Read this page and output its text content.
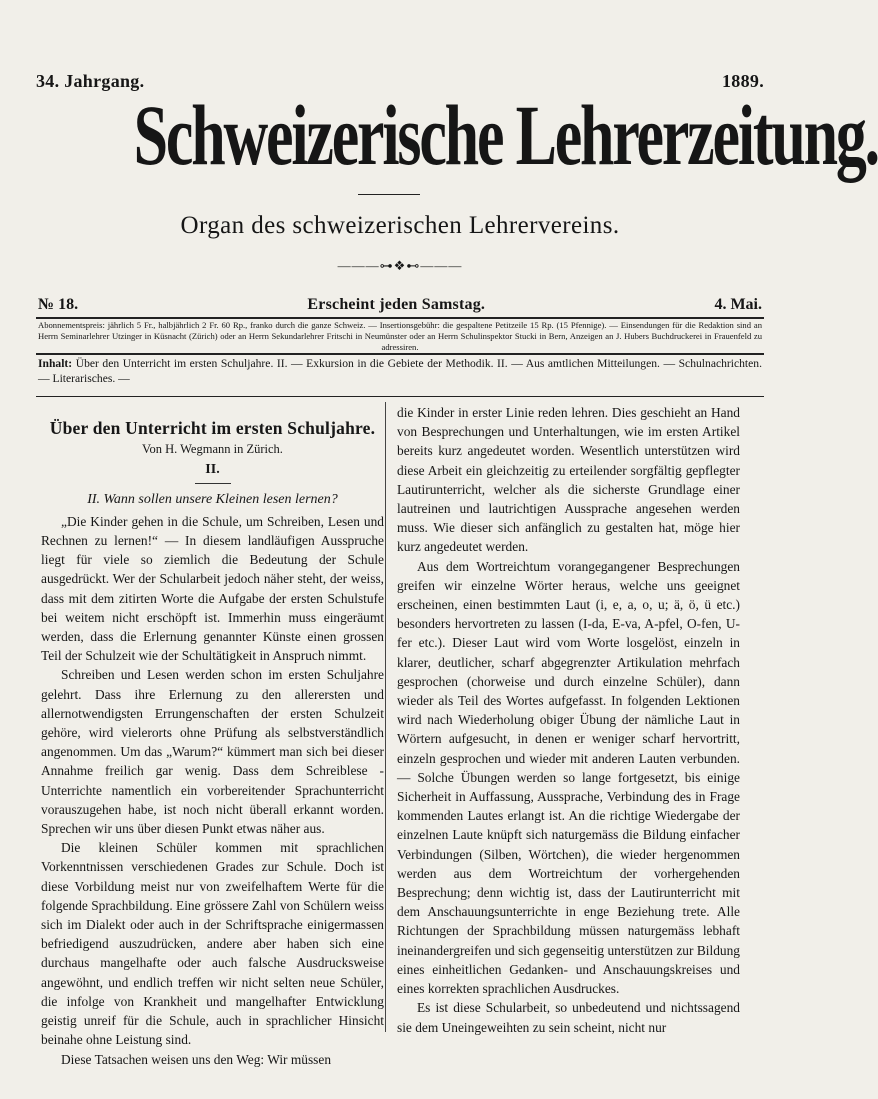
34. Jahrgang.	1889.
Schweizerische Lehrerzeitung.
Organ des schweizerischen Lehrervereins.
———⊶❖⊷———
№ 18.	Erscheint jeden Samstag.	4. Mai.
Abonnementspreis: jährlich 5 Fr., halbjährlich 2 Fr. 60 Rp., franko durch die ganze Schweiz. — Insertionsgebühr: die gespaltene Petitzeile 15 Rp. (15 Pfennige). — Einsendungen für die Redaktion sind an Herrn Seminarlehrer Utzinger in Küsnacht (Zürich) oder an Herrn Sekundarlehrer Fritschi in Neumünster oder an Herrn Schulinspektor Stucki in Bern, Anzeigen an J. Hubers Buchdruckerei in Frauenfeld zu adressiren.
Inhalt: Über den Unterricht im ersten Schuljahre. II. — Exkursion in die Gebiete der Methodik. II. — Aus amtlichen Mitteilungen. — Schulnachrichten. — Literarisches. —
Über den Unterricht im ersten Schuljahre.
Von H. Wegmann in Zürich.
II.
II. Wann sollen unsere Kleinen lesen lernen?

„Die Kinder gehen in die Schule, um Schreiben, Lesen und Rechnen zu lernen!“ — In diesem landläufigen Ausspruche liegt für viele so ziemlich die Bedeutung der Schule ausgedrückt. Wer der Schularbeit jedoch näher steht, der weiss, dass mit dem zitirten Worte die Aufgabe der ersten Schulstufe bei weitem nicht erschöpft ist. Immerhin muss eingeräumt werden, dass die Erlernung genannter Künste einen grossen Teil der Schulzeit wie der Schultätigkeit in Anspruch nimmt.

Schreiben und Lesen werden schon im ersten Schuljahre gelehrt. Dass ihre Erlernung zu den allerersten und allernotwendigsten Errungenschaften der ersten Schulzeit gehöre, wird vielerorts ohne Prüfung als selbstverständlich angenommen. Um das „Warum?“ kümmert man sich bei dieser Annahme freilich gar wenig. Dass dem Schreiblese - Unterrichte namentlich ein vorbereitender Sprachunterricht vorauszugehen habe, ist noch nicht überall erkannt worden. Sprechen wir uns über diesen Punkt etwas näher aus.

Die kleinen Schüler kommen mit sprachlichen Vorkenntnissen verschiedenen Grades zur Schule. Doch ist diese Vorbildung meist nur von zweifelhaftem Werte für die folgende Sprachbildung. Eine grössere Zahl von Schülern weiss sich im Dialekt oder auch in der Schriftsprache einigermassen befriedigend auszudrücken, andere aber haben sich eine durchaus mangelhafte oder auch falsche Ausdrucksweise angewöhnt, und endlich treffen wir nicht selten neue Schüler, die infolge von Krankheit und mangelhafter Entwicklung geistig unreif für die Schule, auch in sprachlicher Hinsicht beinahe ohne Leistung sind.

Diese Tatsachen weisen uns den Weg: Wir müssen

die Kinder in erster Linie reden lehren. Dies geschieht an Hand von Besprechungen und Unterhaltungen, wie im ersten Artikel bereits kurz angedeutet worden. Wesentlich unterstützen wird diese Arbeit ein gleichzeitig zu erteilender sorgfältig gepflegter Lautirunterricht, welcher als die sicherste Grundlage einer lautreinen und lautrichtigen Aussprache angesehen werden muss. Wie dieser sich anfänglich zu gestalten hat, möge hier kurz angedeutet werden.

Aus dem Wortreichtum vorangegangener Besprechungen greifen wir einzelne Wörter heraus, welche uns geeignet erscheinen, einen bestimmten Laut (i, e, a, o, u; ä, ö, ü etc.) besonders hervortreten zu lassen (I-da, E-va, A-pfel, O-fen, U-fer etc.). Dieser Laut wird vom Worte losgelöst, einzeln in klarer, deutlicher, scharf abgegrenzter Artikulation mehrfach gesprochen (chorweise und durch einzelne Schüler), dann wieder als Teil des Wortes aufgefasst. In folgenden Lektionen wird nach Wiederholung obiger Übung der nämliche Laut in Wörtern aufgesucht, in denen er weniger scharf hervortritt, einzeln gesprochen und wieder mit anderen Lauten verbunden. — Solche Übungen werden so lange fortgesetzt, bis einige Sicherheit in Auffassung, Aussprache, Verbindung des in Frage kommenden Lautes erlangt ist. An die richtige Wiedergabe der einzelnen Laute knüpft sich naturgemäss die Bildung einfacher Verbindungen (Silben, Wörtchen), die wieder hergenommen werden aus dem Wortreichtum der vorhergehenden Besprechung; denn wichtig ist, dass der Lautirunterricht mit dem Anschauungsunterrichte in enge Beziehung trete. Alle Richtungen der Sprachbildung müssen naturgemäss lebhaft ineinandergreifen und sich gegenseitig unterstützen zur Bildung eines einheitlichen Gedanken- und Anschauungskreises und eines korrekten sprachlichen Ausdruckes.

Es ist diese Schularbeit, so unbedeutend und nichtssagend sie dem Uneingeweihten zu sein scheint, nicht nur
